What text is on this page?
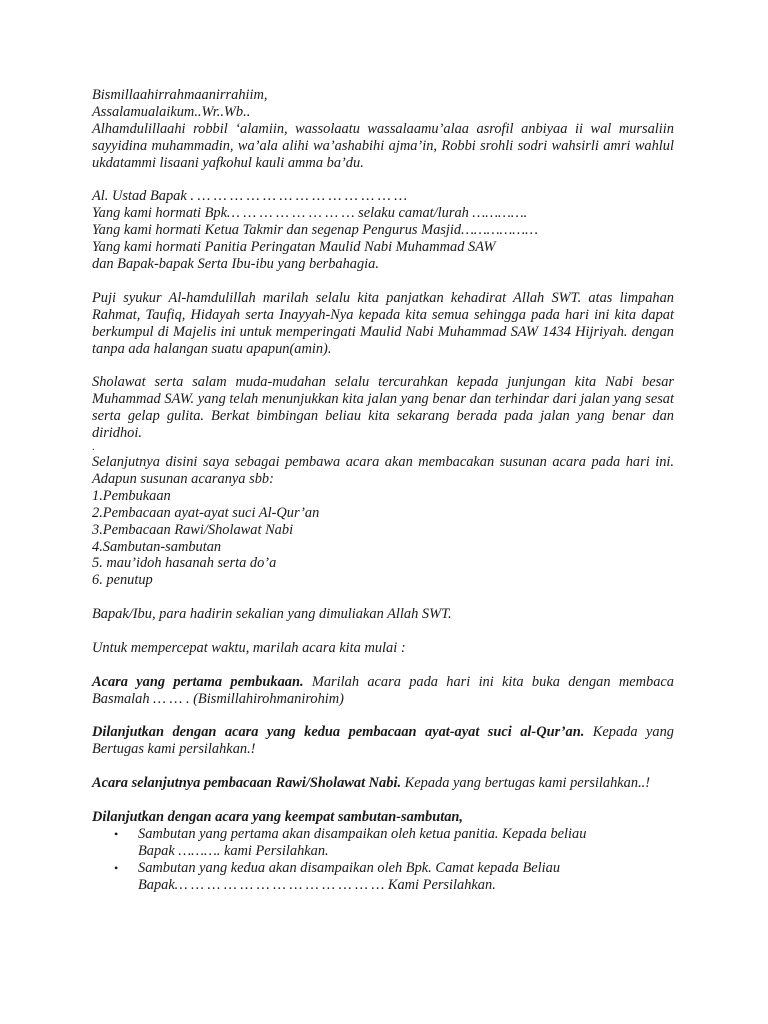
Bismillaahirrahmaanirrahiim,

Assalamualaikum..Wr..Wb..

Alhamdulillaahi robbil ‘alamiin, wassolaatu wassalaamu’alaa asrofil anbiyaa ii wal mursaliin sayyidina muhammadin, wa’ala alihi wa’ashabihi ajma’in, Robbi srohli sodri wahsirli amri wahlul ukdatammi lisaani yafkohul kauli amma ba’du.

Al. Ustad Bapak . … … … … … … … … … … … … …

Yang kami hormati Bpk… … … … … … … … selaku camat/lurah ………….

Yang kami hormati Ketua Takmir dan segenap Pengurus Masjid………………

Yang kami hormati Panitia Peringatan Maulid Nabi Muhammad SAW

dan Bapak-bapak Serta Ibu-ibu yang berbahagia.

Puji syukur Al-hamdulillah marilah selalu kita panjatkan kehadirat Allah SWT. atas limpahan Rahmat, Taufiq, Hidayah serta Inayyah-Nya kepada kita semua sehingga pada hari ini kita dapat berkumpul di Majelis ini untuk memperingati Maulid Nabi Muhammad SAW 1434 Hijriyah. dengan tanpa ada halangan suatu apapun(amin).

Sholawat serta salam muda-mudahan selalu tercurahkan kepada junjungan kita Nabi besar Muhammad SAW. yang telah menunjukkan kita jalan yang benar dan terhindar dari jalan yang sesat serta gelap gulita. Berkat bimbingan beliau kita sekarang berada pada jalan yang benar dan diridhoi.

.

Selanjutnya disini saya sebagai pembawa acara akan membacakan susunan acara pada hari ini. Adapun susunan acaranya sbb:

1.Pembukaan

2.Pembacaan ayat-ayat suci Al-Qur’an

3.Pembacaan Rawi/Sholawat Nabi

4.Sambutan-sambutan

5. mau’idoh hasanah serta do’a

6. penutup

Bapak/Ibu, para hadirin sekalian yang dimuliakan Allah SWT.

Untuk mempercepat waktu, marilah acara kita mulai :

Acara yang pertama pembukaan. Marilah acara pada hari ini kita buka dengan membaca Basmalah … … . (Bismillahirohmanirohim)

Dilanjutkan dengan acara yang kedua pembacaan ayat-ayat suci al-Qur’an. Kepada yang Bertugas kami persilahkan.!

Acara selanjutnya pembacaan Rawi/Sholawat Nabi. Kepada yang bertugas kami persilahkan..!

Dilanjutkan dengan acara yang keempat sambutan-sambutan,

• Sambutan yang pertama akan disampaikan oleh ketua panitia. Kepada beliau
Bapak ………. kami Persilahkan.
• Sambutan yang kedua akan disampaikan oleh Bpk. Camat kepada Beliau
Bapak… … … … … … … … … … … … … Kami Persilahkan.
